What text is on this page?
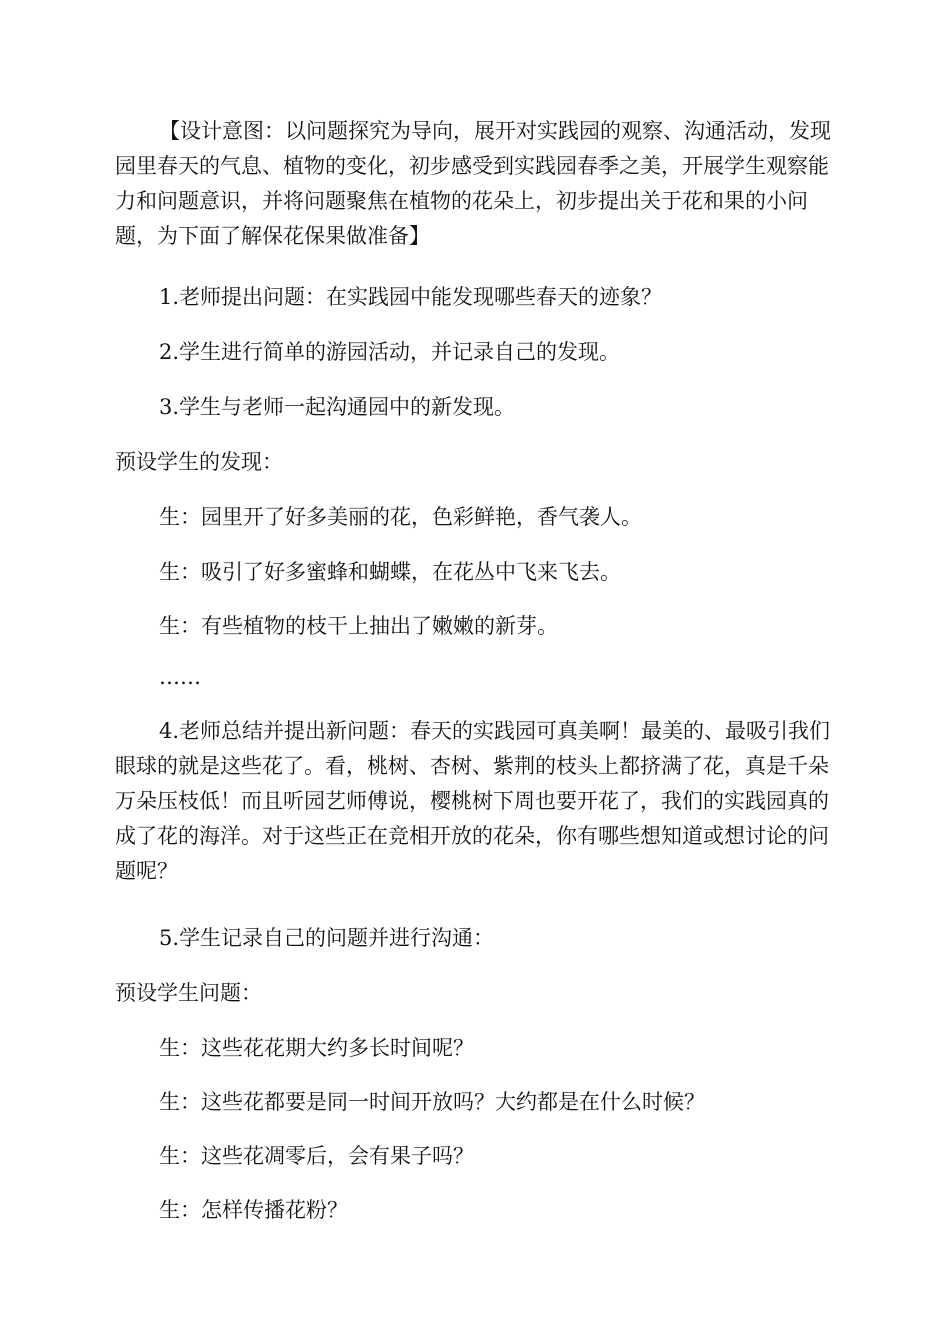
【设计意图：以问题探究为导向，展开对实践园的观察、沟通活动，发现园里春天的气息、植物的变化，初步感受到实践园春季之美，开展学生观察能力和问题意识，并将问题聚焦在植物的花朵上，初步提出关于花和果的小问题，为下面了解保花保果做准备】

1.老师提出问题：在实践园中能发现哪些春天的迹象？

2.学生进行简单的游园活动，并记录自己的发现。

3.学生与老师一起沟通园中的新发现。

预设学生的发现：

生：园里开了好多美丽的花，色彩鲜艳，香气袭人。

生：吸引了好多蜜蜂和蝴蝶，在花丛中飞来飞去。

生：有些植物的枝干上抽出了嫩嫩的新芽。

……

4.老师总结并提出新问题：春天的实践园可真美啊！最美的、最吸引我们眼球的就是这些花了。看，桃树、杏树、紫荆的枝头上都挤满了花，真是千朵万朵压枝低！而且听园艺师傅说，樱桃树下周也要开花了，我们的实践园真的成了花的海洋。对于这些正在竞相开放的花朵，你有哪些想知道或想讨论的问题呢？

5.学生记录自己的问题并进行沟通：

预设学生问题：

生：这些花花期大约多长时间呢？

生：这些花都要是同一时间开放吗？大约都是在什么时候？

生：这些花凋零后，会有果子吗？

生：怎样传播花粉？
